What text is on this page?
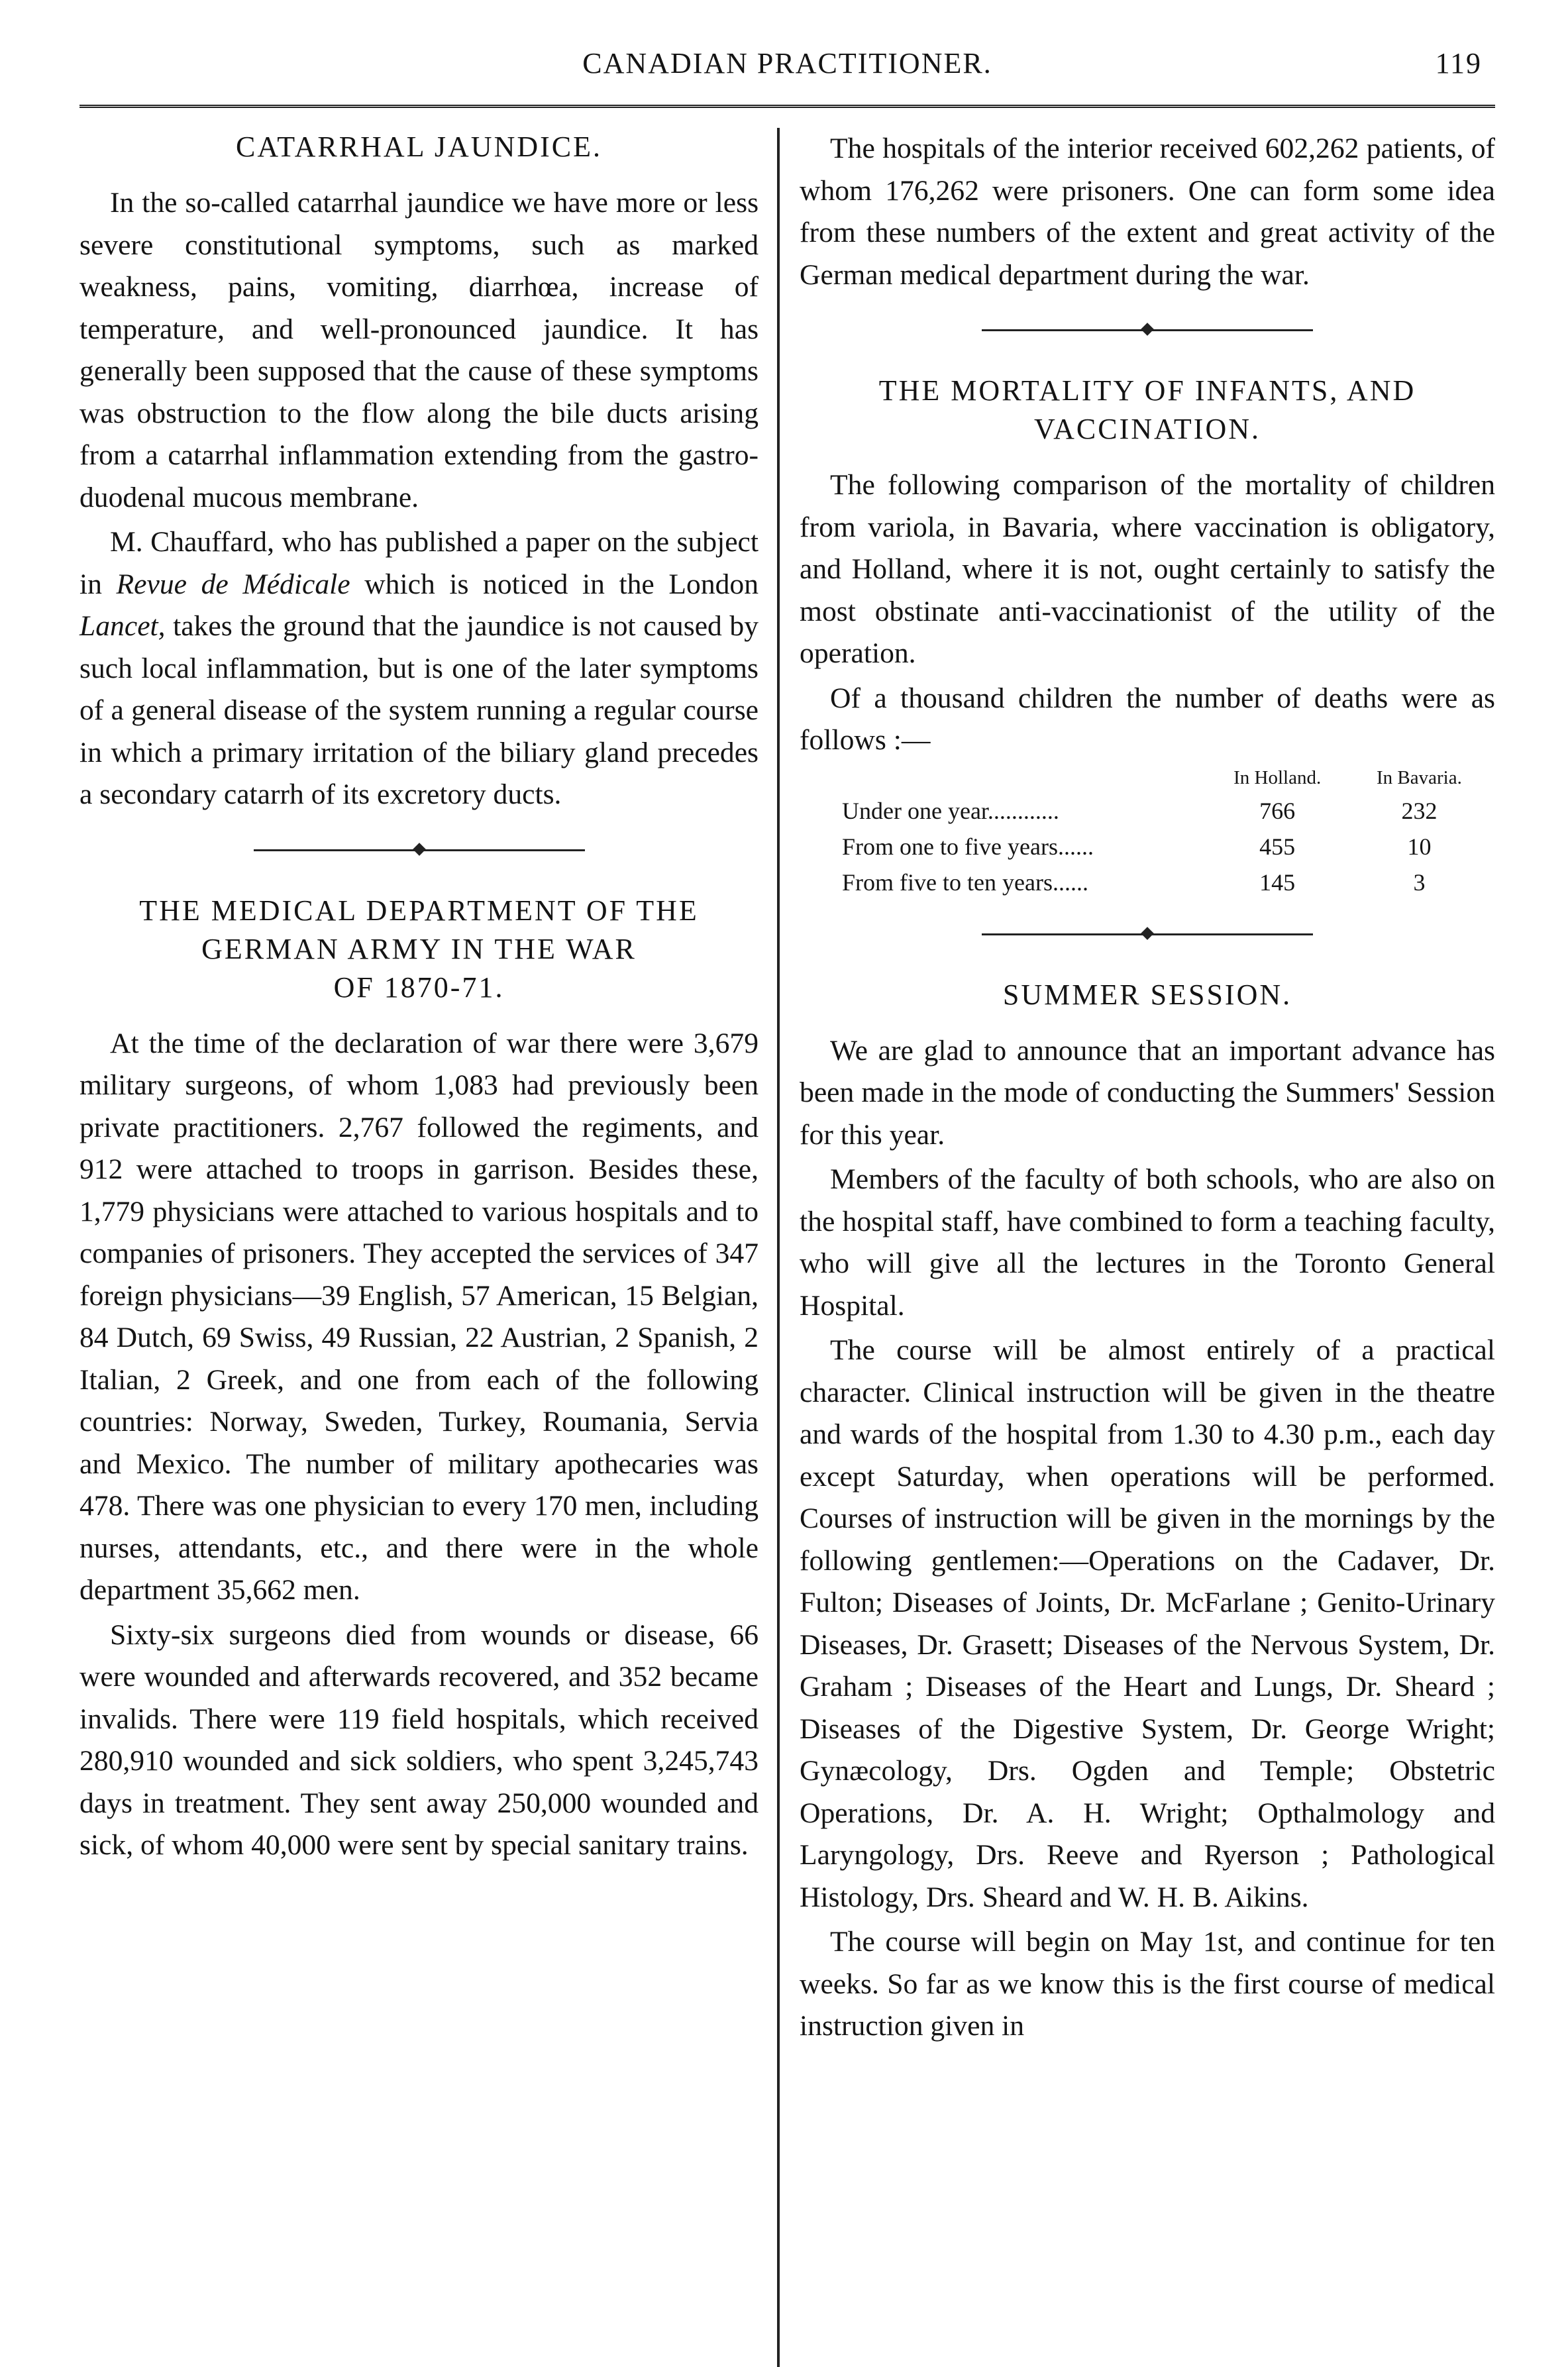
CANADIAN PRACTITIONER.	119
CATARRHAL JAUNDICE.

In the so-called catarrhal jaundice we have more or less severe constitutional symptoms, such as marked weakness, pains, vomiting, diarrhœa, increase of temperature, and well-pronounced jaundice. It has generally been supposed that the cause of these symptoms was obstruction to the flow along the bile ducts arising from a catarrhal inflammation extending from the gastro-duodenal mucous membrane.

M. Chauffard, who has published a paper on the subject in Revue de Médicale which is noticed in the London Lancet, takes the ground that the jaundice is not caused by such local inflammation, but is one of the later symptoms of a general disease of the system running a regular course in which a primary irritation of the biliary gland precedes a secondary catarrh of its excretory ducts.

THE MEDICAL DEPARTMENT OF THE
GERMAN ARMY IN THE WAR
OF 1870-71.

At the time of the declaration of war there were 3,679 military surgeons, of whom 1,083 had previously been private practitioners. 2,767 followed the regiments, and 912 were attached to troops in garrison. Besides these, 1,779 physicians were attached to various hospitals and to companies of prisoners. They accepted the services of 347 foreign physicians—39 English, 57 American, 15 Belgian, 84 Dutch, 69 Swiss, 49 Russian, 22 Austrian, 2 Spanish, 2 Italian, 2 Greek, and one from each of the following countries: Norway, Sweden, Turkey, Roumania, Servia and Mexico. The number of military apothecaries was 478. There was one physician to every 170 men, including nurses, attendants, etc., and there were in the whole department 35,662 men.

Sixty-six surgeons died from wounds or disease, 66 were wounded and afterwards recovered, and 352 became invalids. There were 119 field hospitals, which received 280,910 wounded and sick soldiers, who spent 3,245,743 days in treatment. They sent away 250,000 wounded and sick, of whom 40,000 were sent by special sanitary trains.

The hospitals of the interior received 602,262 patients, of whom 176,262 were prisoners. One can form some idea from these numbers of the extent and great activity of the German medical department during the war.

THE MORTALITY OF INFANTS, AND
VACCINATION.

The following comparison of the mortality of children from variola, in Bavaria, where vaccination is obligatory, and Holland, where it is not, ought certainly to satisfy the most obstinate anti-vaccinationist of the utility of the operation.

Of a thousand children the number of deaths were as follows :—

	In Holland.	In Bavaria.
Under one year............	766	232
From one to five years......	455	10
From five to ten years......	145	3
SUMMER SESSION.

We are glad to announce that an important advance has been made in the mode of conducting the Summers' Session for this year.

Members of the faculty of both schools, who are also on the hospital staff, have combined to form a teaching faculty, who will give all the lectures in the Toronto General Hospital.

The course will be almost entirely of a practical character. Clinical instruction will be given in the theatre and wards of the hospital from 1.30 to 4.30 p.m., each day except Saturday, when operations will be performed. Courses of instruction will be given in the mornings by the following gentlemen:—Operations on the Cadaver, Dr. Fulton; Diseases of Joints, Dr. McFarlane ; Genito-Urinary Diseases, Dr. Grasett; Diseases of the Nervous System, Dr. Graham ; Diseases of the Heart and Lungs, Dr. Sheard ; Diseases of the Digestive System, Dr. George Wright; Gynæcology, Drs. Ogden and Temple; Obstetric Operations, Dr. A. H. Wright; Opthalmology and Laryngology, Drs. Reeve and Ryerson ; Pathological Histology, Drs. Sheard and W. H. B. Aikins.

The course will begin on May 1st, and continue for ten weeks. So far as we know this is the first course of medical instruction given in
